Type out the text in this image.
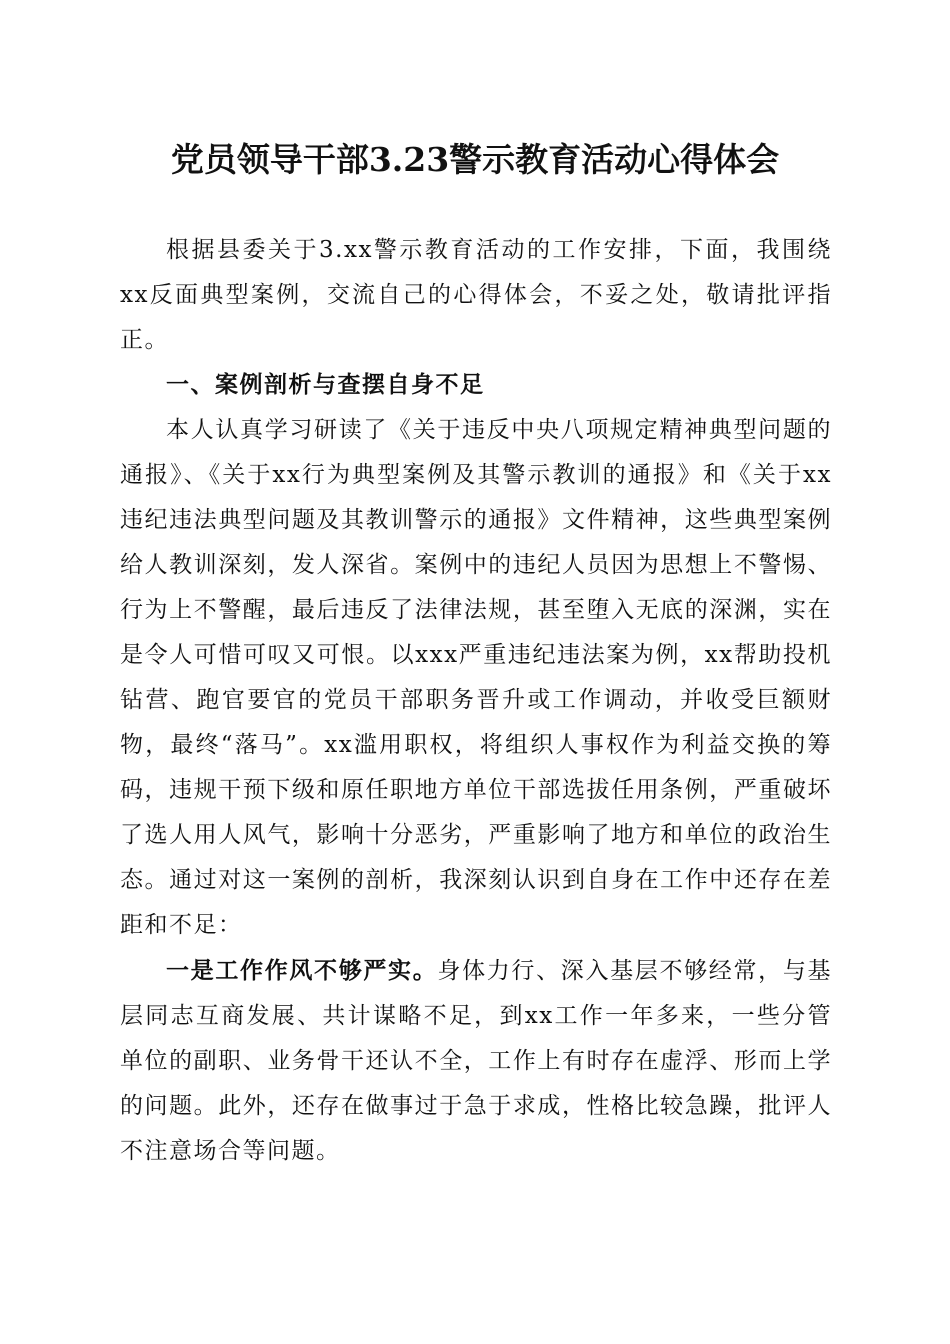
党员领导干部3.23警示教育活动心得体会

根据县委关于3.xx警示教育活动的工作安排，下面，我围绕xx反面典型案例，交流自己的心得体会，不妥之处，敬请批评指正。

一、案例剖析与查摆自身不足

本人认真学习研读了《关于违反中央八项规定精神典型问题的通报》、《关于xx行为典型案例及其警示教训的通报》和《关于xx违纪违法典型问题及其教训警示的通报》文件精神，这些典型案例给人教训深刻，发人深省。案例中的违纪人员因为思想上不警惕、行为上不警醒，最后违反了法律法规，甚至堕入无底的深渊，实在是令人可惜可叹又可恨。以xxx严重违纪违法案为例，xx帮助投机钻营、跑官要官的党员干部职务晋升或工作调动，并收受巨额财物，最终“落马”。xx滥用职权，将组织人事权作为利益交换的筹码，违规干预下级和原任职地方单位干部选拔任用条例，严重破坏了选人用人风气，影响十分恶劣，严重影响了地方和单位的政治生态。通过对这一案例的剖析，我深刻认识到自身在工作中还存在差距和不足：

一是工作作风不够严实。身体力行、深入基层不够经常，与基层同志互商发展、共计谋略不足，到xx工作一年多来，一些分管单位的副职、业务骨干还认不全，工作上有时存在虚浮、形而上学的问题。此外，还存在做事过于急于求成，性格比较急躁，批评人不注意场合等问题。
